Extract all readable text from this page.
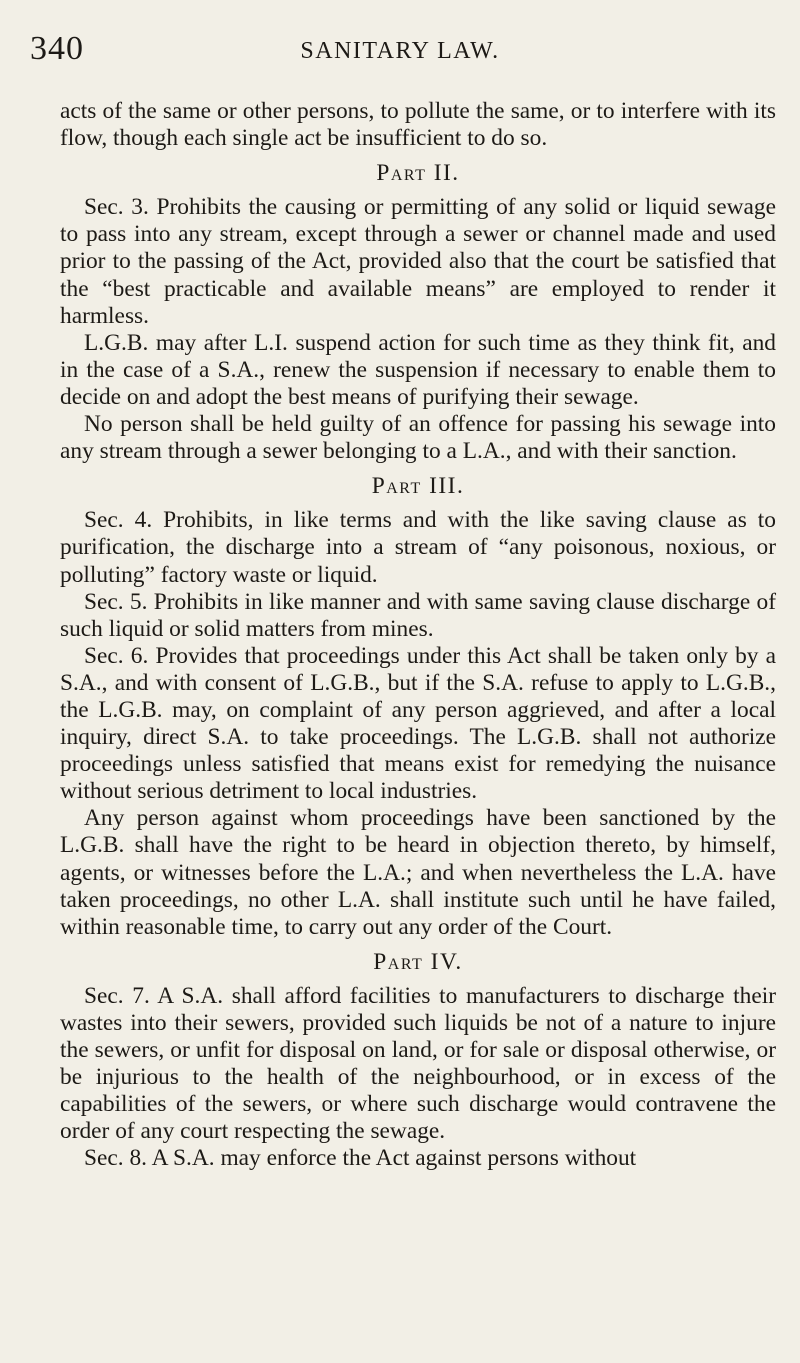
340	SANITARY LAW.

acts of the same or other persons, to pollute the same, or to interfere with its flow, though each single act be insufficient to do so.

Part II.

Sec. 3. Prohibits the causing or permitting of any solid or liquid sewage to pass into any stream, except through a sewer or channel made and used prior to the passing of the Act, provided also that the court be satisfied that the “best practicable and available means” are employed to render it harmless.

L.G.B. may after L.I. suspend action for such time as they think fit, and in the case of a S.A., renew the suspension if necessary to enable them to decide on and adopt the best means of purifying their sewage.

No person shall be held guilty of an offence for passing his sewage into any stream through a sewer belonging to a L.A., and with their sanction.

Part III.

Sec. 4. Prohibits, in like terms and with the like saving clause as to purification, the discharge into a stream of “any poisonous, noxious, or polluting” factory waste or liquid.

Sec. 5. Prohibits in like manner and with same saving clause discharge of such liquid or solid matters from mines.

Sec. 6. Provides that proceedings under this Act shall be taken only by a S.A., and with consent of L.G.B., but if the S.A. refuse to apply to L.G.B., the L.G.B. may, on complaint of any person aggrieved, and after a local inquiry, direct S.A. to take proceedings. The L.G.B. shall not authorize proceedings unless satisfied that means exist for remedying the nuisance without serious detriment to local industries.

Any person against whom proceedings have been sanctioned by the L.G.B. shall have the right to be heard in objection thereto, by himself, agents, or witnesses before the L.A.; and when nevertheless the L.A. have taken proceedings, no other L.A. shall institute such until he have failed, within reasonable time, to carry out any order of the Court.

Part IV.

Sec. 7. A S.A. shall afford facilities to manufacturers to discharge their wastes into their sewers, provided such liquids be not of a nature to injure the sewers, or unfit for disposal on land, or for sale or disposal otherwise, or be injurious to the health of the neighbourhood, or in excess of the capabilities of the sewers, or where such discharge would contravene the order of any court respecting the sewage.

Sec. 8. A S.A. may enforce the Act against persons without
